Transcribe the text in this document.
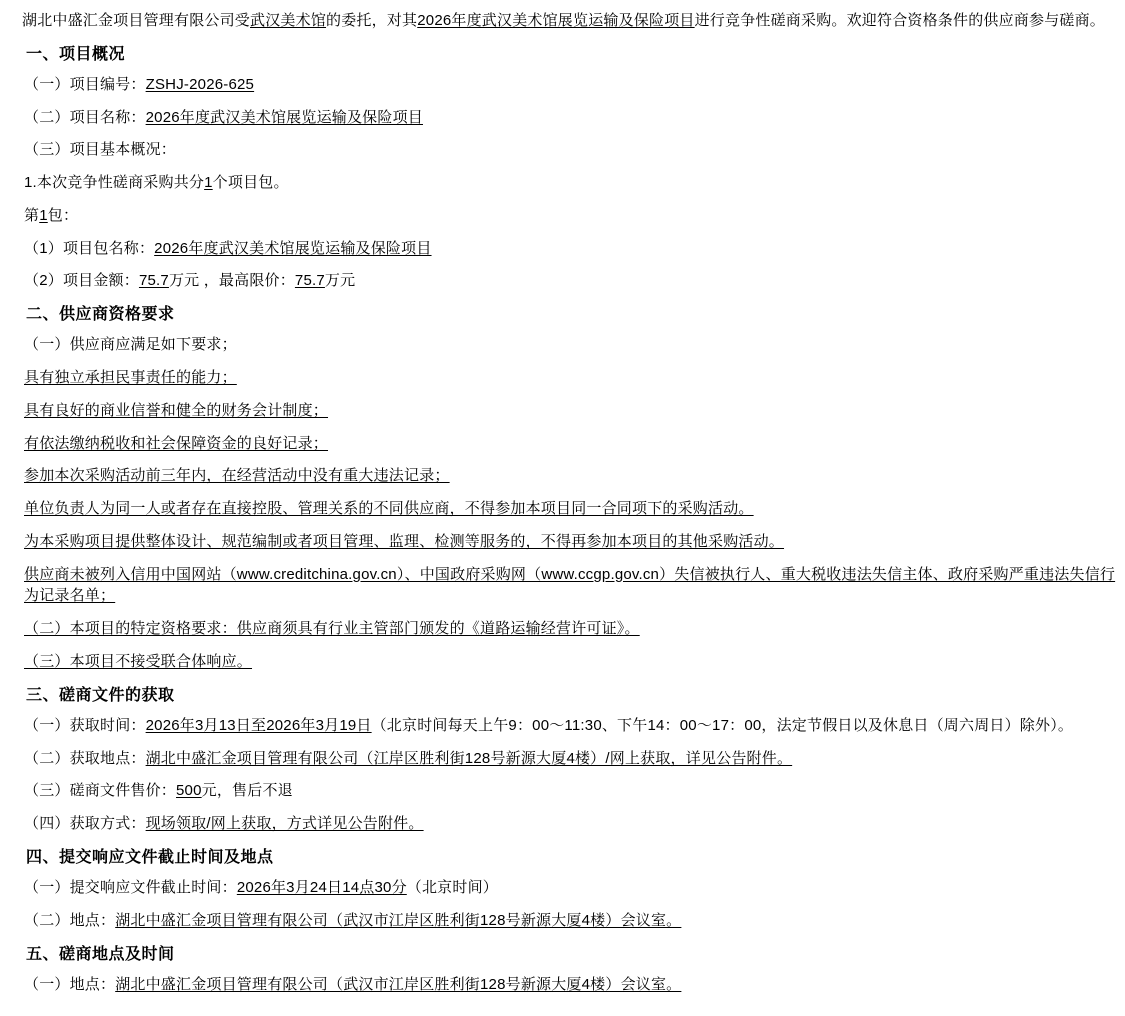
湖北中盛汇金项目管理有限公司受武汉美术馆的委托，对其2026年度武汉美术馆展览运输及保险项目进行竞争性磋商采购。欢迎符合资格条件的供应商参与磋商。

一、项目概况

（一）项目编号：ZSHJ-2026-625

（二）项目名称：2026年度武汉美术馆展览运输及保险项目

（三）项目基本概况：

1.本次竞争性磋商采购共分1个项目包。

第1包：

（1）项目包名称：2026年度武汉美术馆展览运输及保险项目

（2）项目金额：75.7万元 ，最高限价：75.7万元

二、供应商资格要求

（一）供应商应满足如下要求；

具有独立承担民事责任的能力；

具有良好的商业信誉和健全的财务会计制度；

有依法缴纳税收和社会保障资金的良好记录；

参加本次采购活动前三年内，在经营活动中没有重大违法记录；

单位负责人为同一人或者存在直接控股、管理关系的不同供应商，不得参加本项目同一合同项下的采购活动。

为本采购项目提供整体设计、规范编制或者项目管理、监理、检测等服务的，不得再参加本项目的其他采购活动。

供应商未被列入信用中国网站（www.creditchina.gov.cn）、中国政府采购网（www.ccgp.gov.cn）失信被执行人、重大税收违法失信主体、政府采购严重违法失信行为记录名单；

（二）本项目的特定资格要求：供应商须具有行业主管部门颁发的《道路运输经营许可证》。

（三）本项目不接受联合体响应。

三、磋商文件的获取

（一）获取时间：2026年3月13日至2026年3月19日（北京时间每天上午9：00～11:30、下午14：00～17：00，法定节假日以及休息日（周六周日）除外）。

（二）获取地点：湖北中盛汇金项目管理有限公司（江岸区胜利街128号新源大厦4楼）/网上获取，详见公告附件。

（三）磋商文件售价：500元，售后不退

（四）获取方式：现场领取/网上获取，方式详见公告附件。

四、提交响应文件截止时间及地点

（一）提交响应文件截止时间：2026年3月24日14点30分（北京时间）

（二）地点：湖北中盛汇金项目管理有限公司（武汉市江岸区胜利街128号新源大厦4楼）会议室。

五、磋商地点及时间

（一）地点：湖北中盛汇金项目管理有限公司（武汉市江岸区胜利街128号新源大厦4楼）会议室。
